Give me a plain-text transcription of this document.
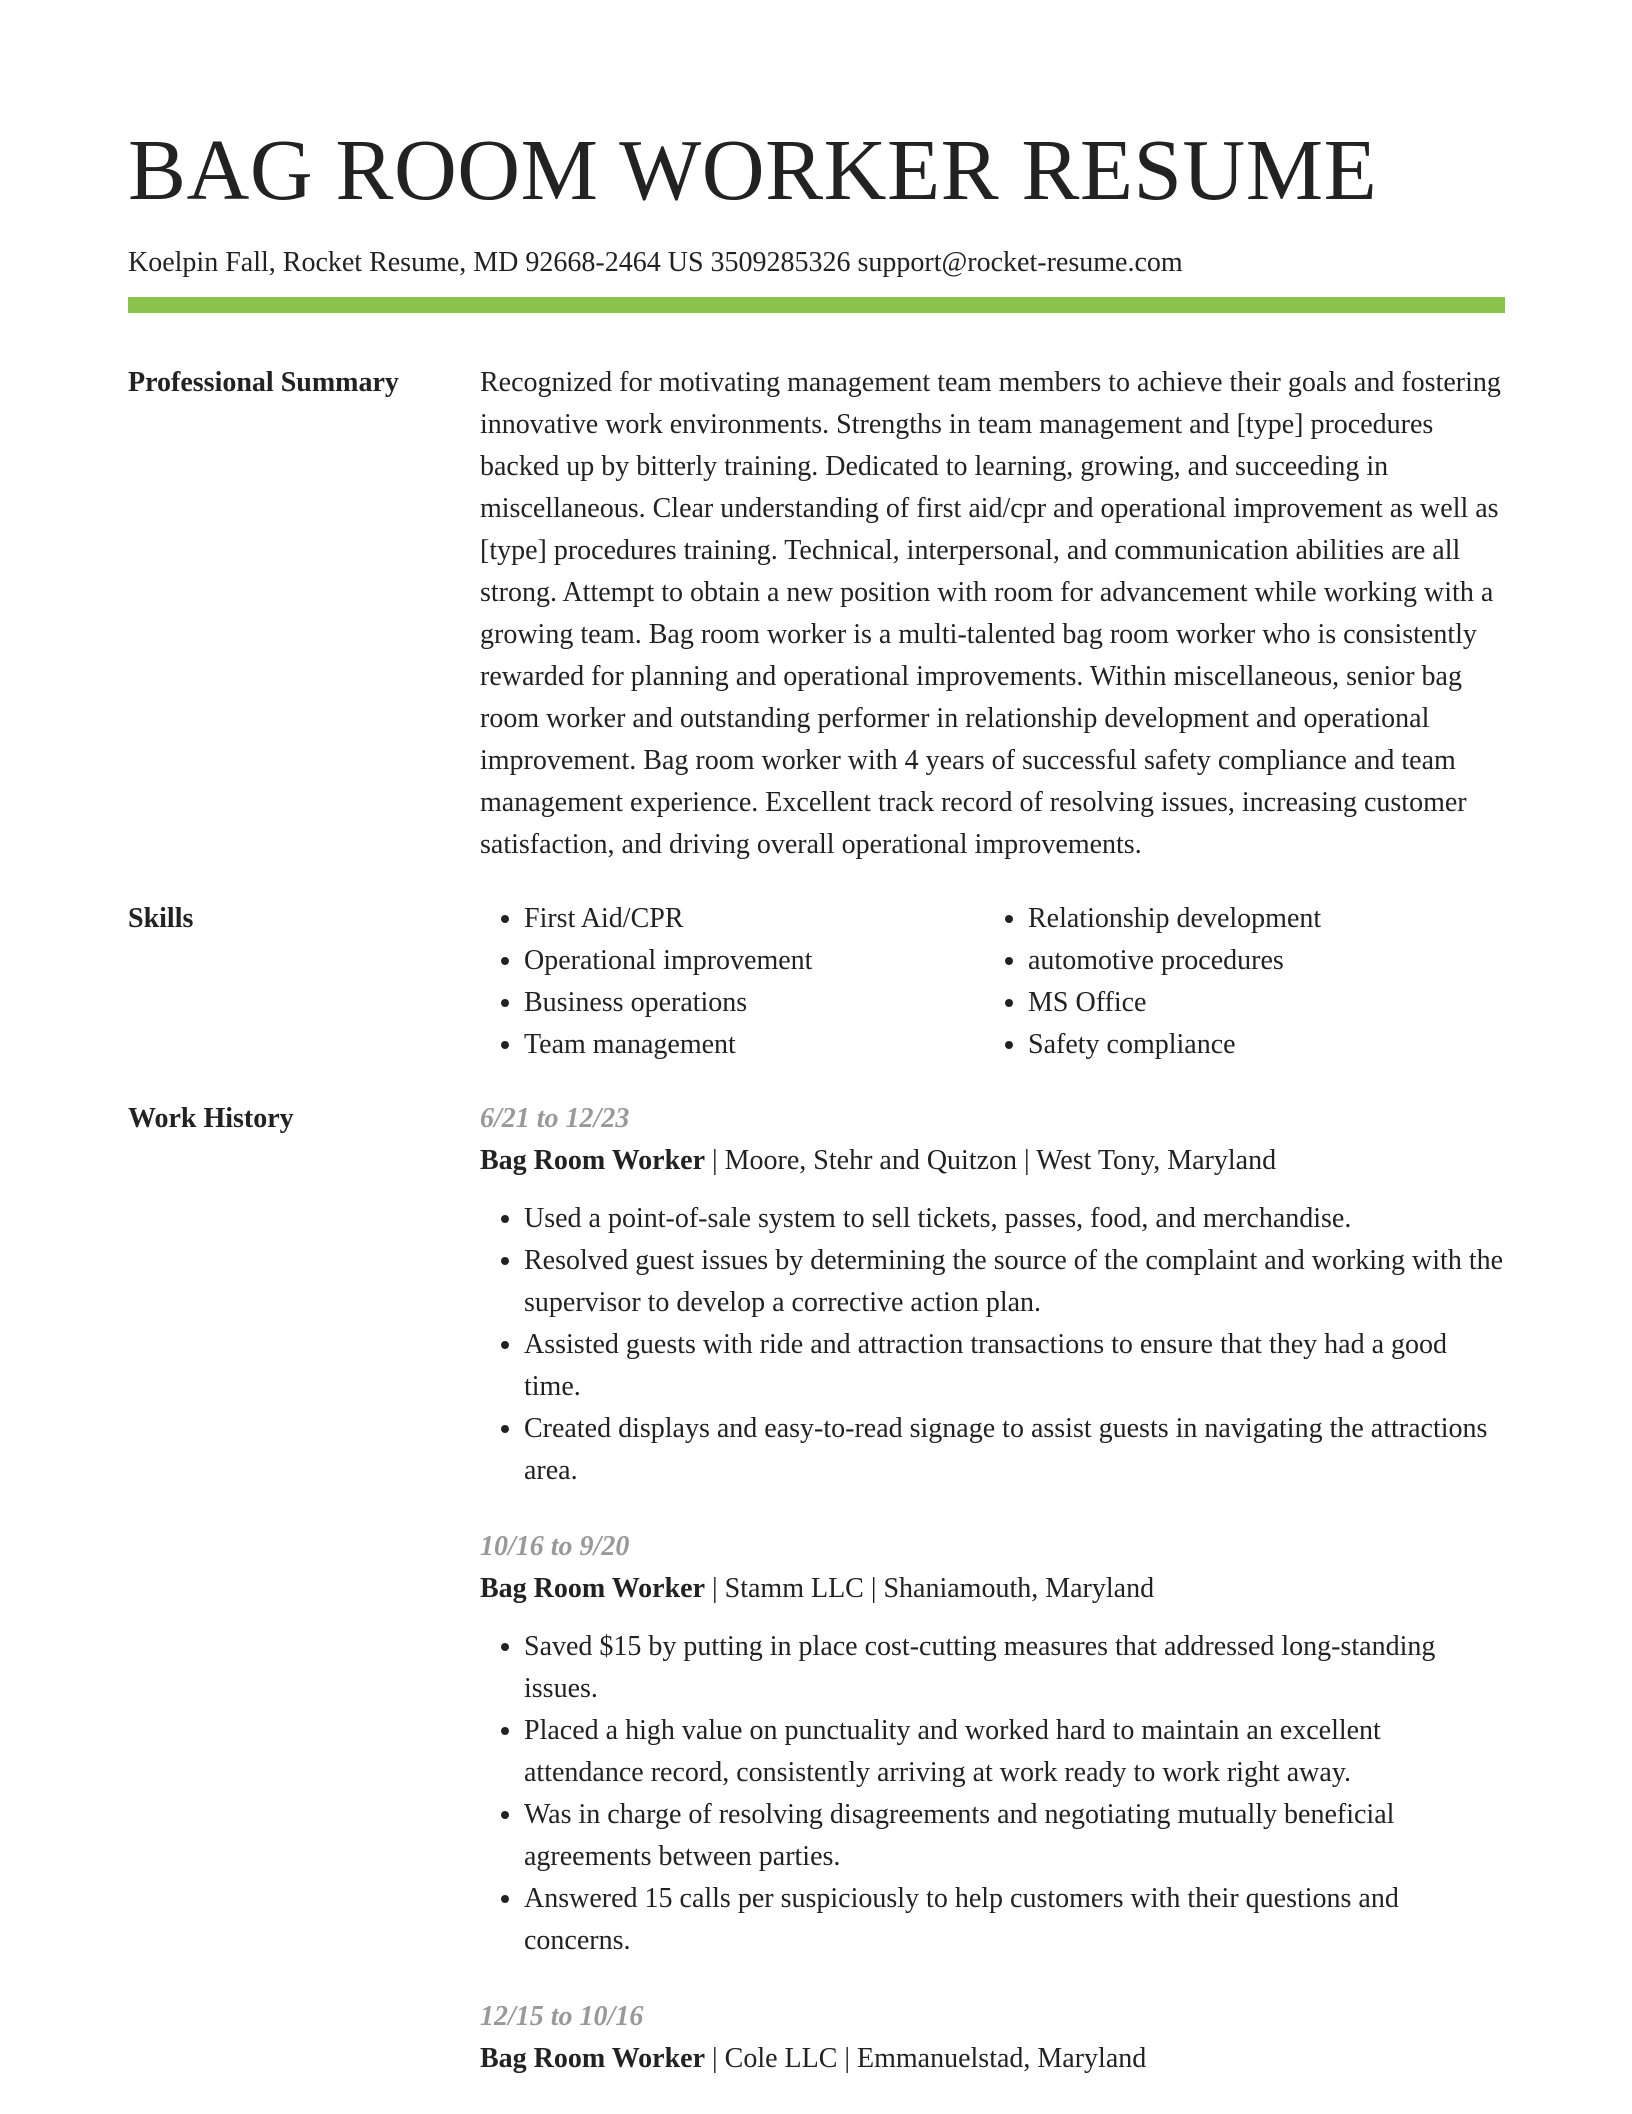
BAG ROOM WORKER RESUME
Koelpin Fall, Rocket Resume, MD 92668-2464 US 3509285326 support@rocket-resume.com
Professional Summary	Recognized for motivating management team members to achieve their goals and fostering innovative work environments. Strengths in team management and [type] procedures backed up by bitterly training. Dedicated to learning, growing, and succeeding in miscellaneous. Clear understanding of first aid/cpr and operational improvement as well as [type] procedures training. Technical, interpersonal, and communication abilities are all strong. Attempt to obtain a new position with room for advancement while working with a growing team. Bag room worker is a multi-talented bag room worker who is consistently rewarded for planning and operational improvements. Within miscellaneous, senior bag room worker and outstanding performer in relationship development and operational improvement. Bag room worker with 4 years of successful safety compliance and team management experience. Excellent track record of resolving issues, increasing customer satisfaction, and driving overall operational improvements.

Skills
•	First Aid/CPR
• Operational improvement
• Business operations
• Team management
• Relationship development
• automotive procedures
• MS Office
• Safety compliance
Work History	6/21 to 12/23
Bag Room Worker | Moore, Stehr and Quitzon | West Tony, Maryland
• Used a point-of-sale system to sell tickets, passes, food, and merchandise.
• Resolved guest issues by determining the source of the complaint and working with the supervisor to develop a corrective action plan.
• Assisted guests with ride and attraction transactions to ensure that they had a good time.
• Created displays and easy-to-read signage to assist guests in navigating the attractions area.
10/16 to 9/20
Bag Room Worker | Stamm LLC | Shaniamouth, Maryland
• Saved $15 by putting in place cost-cutting measures that addressed long-standing issues.
• Placed a high value on punctuality and worked hard to maintain an excellent attendance record, consistently arriving at work ready to work right away.
• Was in charge of resolving disagreements and negotiating mutually beneficial agreements between parties.
• Answered 15 calls per suspiciously to help customers with their questions and concerns.
12/15 to 10/16
Bag Room Worker | Cole LLC | Emmanuelstad, Maryland
